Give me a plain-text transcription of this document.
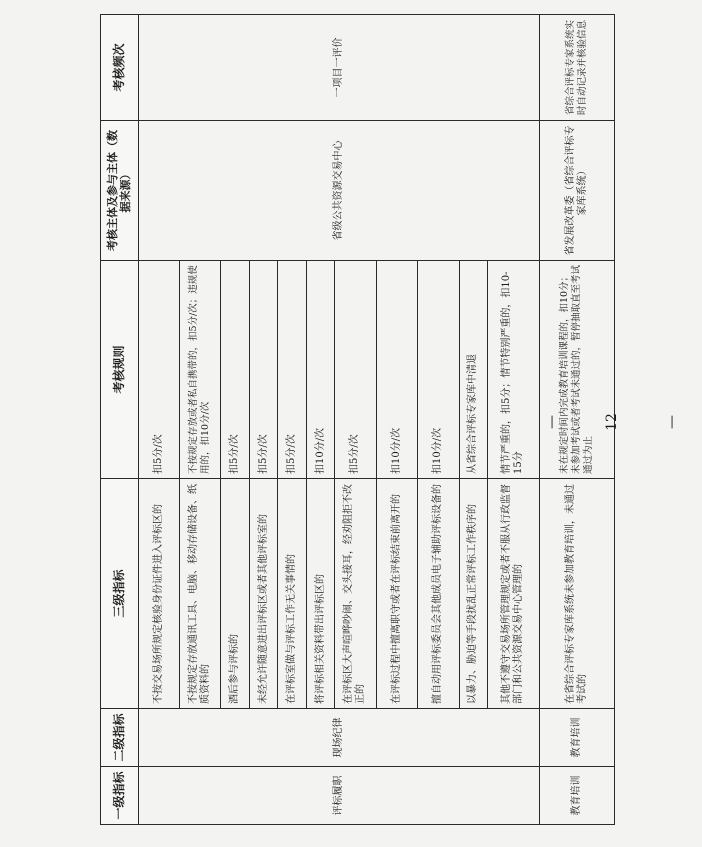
一级指标	二级指标	三级指标	考核规则	考核主体及参与主体（数据来源）	考核频次
评标履职	现场纪律	不按交易场所规定核验身份证件进入评标区的	扣5分/次	省级公共资源交易中心	一项目一评价
		不按规定存放通讯工具、电脑、移动存储设备、纸质资料的	不按规定存放或者私自携带的，扣5分/次；违规使用的，扣10分/次		
		酒后参与评标的	扣5分/次		
		未经允许随意进出评标区或者其他评标室的	扣5分/次		
		在评标室做与评标工作无关事情的	扣5分/次		
		将评标相关资料带出评标区的	扣10分/次		
		在评标区大声喧哗吵闹、交头接耳，经劝阻拒不改正的	扣5分/次		
		在评标过程中擅离职守或者在评标结束前离开的	扣10分/次		
		擅自动用评标委员会其他成员电子辅助评标设备的	扣10分/次		
		以暴力、胁迫等手段扰乱正常评标工作秩序的	从省综合评标专家库中清退		
		其他不遵守交易场所管理规定或者不服从行政监督部门和公共资源交易中心管理的	情节严重的，扣5分；情节特别严重的，扣10-15分		
教育培训	教育培训	在省综合评标专家库系统未参加教育培训，未通过考试的	未在规定时间内完成教育培训课程的，扣10分；未参加考试或者考试未通过的，暂停抽取直至考试通过为止	省发展改革委（省综合评标专家库系统）	省综合评标专家系统实时自动记录并核验信息
— 12 —
